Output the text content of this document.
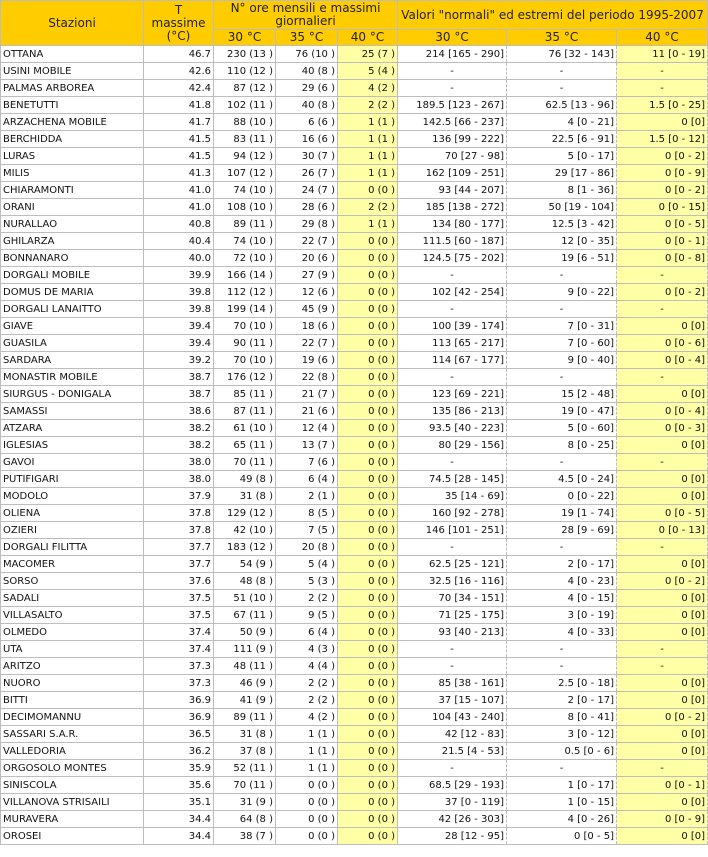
Stazioni	T massime (°C)	N° ore mensili e massimi giornalieri			Valori "normali" ed estremi del periodo 1995-2007		
		30 °C	35 °C	40 °C	30 °C	35 °C	40 °C
OTTANA	46.7	230 (13 )	76 (10 )	25 (7 )	214 [165 - 290]	76 [32 - 143]	11 [0 - 19]
USINI MOBILE	42.6	110 (12 )	40 (8 )	5 (4 )	-	-	-
PALMAS ARBOREA	42.4	87 (12 )	29 (6 )	4 (2 )	-	-	-
BENETUTTI	41.8	102 (11 )	40 (8 )	2 (2 )	189.5 [123 - 267]	62.5 [13 - 96]	1.5 [0 - 25]
ARZACHENA MOBILE	41.7	88 (10 )	6 (6 )	1 (1 )	142.5 [66 - 237]	4 [0 - 21]	0 [0]
BERCHIDDA	41.5	83 (11 )	16 (6 )	1 (1 )	136 [99 - 222]	22.5 [6 - 91]	1.5 [0 - 12]
LURAS	41.5	94 (12 )	30 (7 )	1 (1 )	70 [27 - 98]	5 [0 - 17]	0 [0 - 2]
MILIS	41.3	107 (12 )	26 (7 )	1 (1 )	162 [109 - 251]	29 [17 - 86]	0 [0 - 9]
CHIARAMONTI	41.0	74 (10 )	24 (7 )	0 (0 )	93 [44 - 207]	8 [1 - 36]	0 [0 - 2]
ORANI	41.0	108 (10 )	28 (6 )	2 (2 )	185 [138 - 272]	50 [19 - 104]	0 [0 - 15]
NURALLAO	40.8	89 (11 )	29 (8 )	1 (1 )	134 [80 - 177]	12.5 [3 - 42]	0 [0 - 5]
GHILARZA	40.4	74 (10 )	22 (7 )	0 (0 )	111.5 [60 - 187]	12 [0 - 35]	0 [0 - 1]
BONNANARO	40.0	72 (10 )	20 (6 )	0 (0 )	124.5 [75 - 202]	19 [6 - 51]	0 [0 - 8]
DORGALI MOBILE	39.9	166 (14 )	27 (9 )	0 (0 )	-	-	-
DOMUS DE MARIA	39.8	112 (12 )	12 (6 )	0 (0 )	102 [42 - 254]	9 [0 - 22]	0 [0 - 2]
DORGALI LANAITTO	39.8	199 (14 )	45 (9 )	0 (0 )	-	-	-
GIAVE	39.4	70 (10 )	18 (6 )	0 (0 )	100 [39 - 174]	7 [0 - 31]	0 [0]
GUASILA	39.4	90 (11 )	22 (7 )	0 (0 )	113 [65 - 217]	7 [0 - 60]	0 [0 - 6]
SARDARA	39.2	70 (10 )	19 (6 )	0 (0 )	114 [67 - 177]	9 [0 - 40]	0 [0 - 4]
MONASTIR MOBILE	38.7	176 (12 )	22 (8 )	0 (0 )	-	-	-
SIURGUS - DONIGALA	38.7	85 (11 )	21 (7 )	0 (0 )	123 [69 - 221]	15 [2 - 48]	0 [0]
SAMASSI	38.6	87 (11 )	21 (6 )	0 (0 )	135 [86 - 213]	19 [0 - 47]	0 [0 - 4]
ATZARA	38.2	61 (10 )	12 (4 )	0 (0 )	93.5 [40 - 223]	5 [0 - 60]	0 [0 - 3]
IGLESIAS	38.2	65 (11 )	13 (7 )	0 (0 )	80 [29 - 156]	8 [0 - 25]	0 [0]
GAVOI	38.0	70 (11 )	7 (6 )	0 (0 )	-	-	-
PUTIFIGARI	38.0	49 (8 )	6 (4 )	0 (0 )	74.5 [28 - 145]	4.5 [0 - 24]	0 [0]
MODOLO	37.9	31 (8 )	2 (1 )	0 (0 )	35 [14 - 69]	0 [0 - 22]	0 [0]
OLIENA	37.8	129 (12 )	8 (5 )	0 (0 )	160 [92 - 278]	19 [1 - 74]	0 [0 - 5]
OZIERI	37.8	42 (10 )	7 (5 )	0 (0 )	146 [101 - 251]	28 [9 - 69]	0 [0 - 13]
DORGALI FILITTA	37.7	183 (12 )	20 (8 )	0 (0 )	-	-	-
MACOMER	37.7	54 (9 )	5 (4 )	0 (0 )	62.5 [25 - 121]	2 [0 - 17]	0 [0]
SORSO	37.6	48 (8 )	5 (3 )	0 (0 )	32.5 [16 - 116]	4 [0 - 23]	0 [0 - 2]
SADALI	37.5	51 (10 )	2 (2 )	0 (0 )	70 [34 - 151]	4 [0 - 15]	0 [0]
VILLASALTO	37.5	67 (11 )	9 (5 )	0 (0 )	71 [25 - 175]	3 [0 - 19]	0 [0]
OLMEDO	37.4	50 (9 )	6 (4 )	0 (0 )	93 [40 - 213]	4 [0 - 33]	0 [0]
UTA	37.4	111 (9 )	4 (3 )	0 (0 )	-	-	-
ARITZO	37.3	48 (11 )	4 (4 )	0 (0 )	-	-	-
NUORO	37.3	46 (9 )	2 (2 )	0 (0 )	85 [38 - 161]	2.5 [0 - 18]	0 [0]
BITTI	36.9	41 (9 )	2 (2 )	0 (0 )	37 [15 - 107]	2 [0 - 17]	0 [0]
DECIMOMANNU	36.9	89 (11 )	4 (2 )	0 (0 )	104 [43 - 240]	8 [0 - 41]	0 [0 - 2]
SASSARI S.A.R.	36.5	31 (8 )	1 (1 )	0 (0 )	42 [12 - 83]	3 [0 - 12]	0 [0]
VALLEDORIA	36.2	37 (8 )	1 (1 )	0 (0 )	21.5 [4 - 53]	0.5 [0 - 6]	0 [0]
ORGOSOLO MONTES	35.9	52 (11 )	1 (1 )	0 (0 )	-	-	-
SINISCOLA	35.6	70 (11 )	0 (0 )	0 (0 )	68.5 [29 - 193]	1 [0 - 17]	0 [0 - 1]
VILLANOVA STRISAILI	35.1	31 (9 )	0 (0 )	0 (0 )	37 [0 - 119]	1 [0 - 15]	0 [0]
MURAVERA	34.4	64 (8 )	0 (0 )	0 (0 )	42 [26 - 303]	4 [0 - 26]	0 [0 - 9]
OROSEI	34.4	38 (7 )	0 (0 )	0 (0 )	28 [12 - 95]	0 [0 - 5]	0 [0]
